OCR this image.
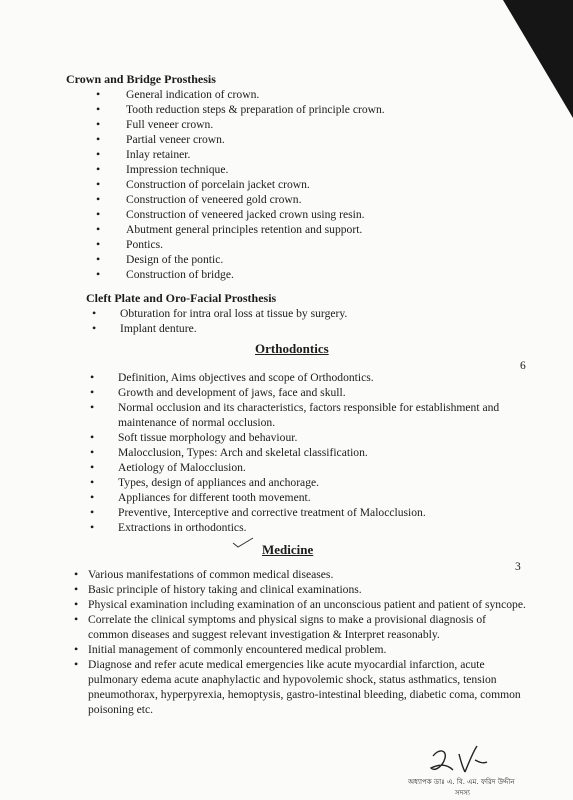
Crown and Bridge Prosthesis
• General indication of crown.
• Tooth reduction steps & preparation of principle crown.
• Full veneer crown.
• Partial veneer crown.
• Inlay retainer.
• Impression technique.
• Construction of porcelain jacket crown.
• Construction of veneered gold crown.
• Construction of veneered jacked crown using resin.
• Abutment general principles retention and support.
• Pontics.
• Design of the pontic.
• Construction of bridge.
Cleft Plate and Oro-Facial Prosthesis
• Obturation for intra oral loss at tissue by surgery.
• Implant denture.
Orthodontics
6
• Definition, Aims objectives and scope of Orthodontics.
• Growth and development of jaws, face and skull.
• Normal occlusion and its characteristics, factors responsible for establishment and maintenance of normal occlusion.
• Soft tissue morphology and behaviour.
• Malocclusion, Types: Arch and skeletal classification.
• Aetiology of Malocclusion.
• Types, design of appliances and anchorage.
• Appliances for different tooth movement.
• Preventive, Interceptive and corrective treatment of Malocclusion.
• Extractions in orthodontics.
Medicine
3
• Various manifestations of common medical diseases.
• Basic principle of history taking and clinical examinations.
• Physical examination including examination of an unconscious patient and patient of syncope.
• Correlate the clinical symptoms and physical signs to make a provisional diagnosis of common diseases and suggest relevant investigation & Interpret reasonably.
• Initial management of commonly encountered medical problem.
• Diagnose and refer acute medical emergencies like acute myocardial infarction, acute pulmonary edema acute anaphylactic and hypovolemic shock, status asthmatics, tension pneumothorax, hyperpyrexia, hemoptysis, gastro-intestinal bleeding, diabetic coma, common poisoning etc.
অধ্যাপক ডাঃ এ. বি. এম. ফরিদ উদ্দীন
সদস্য
